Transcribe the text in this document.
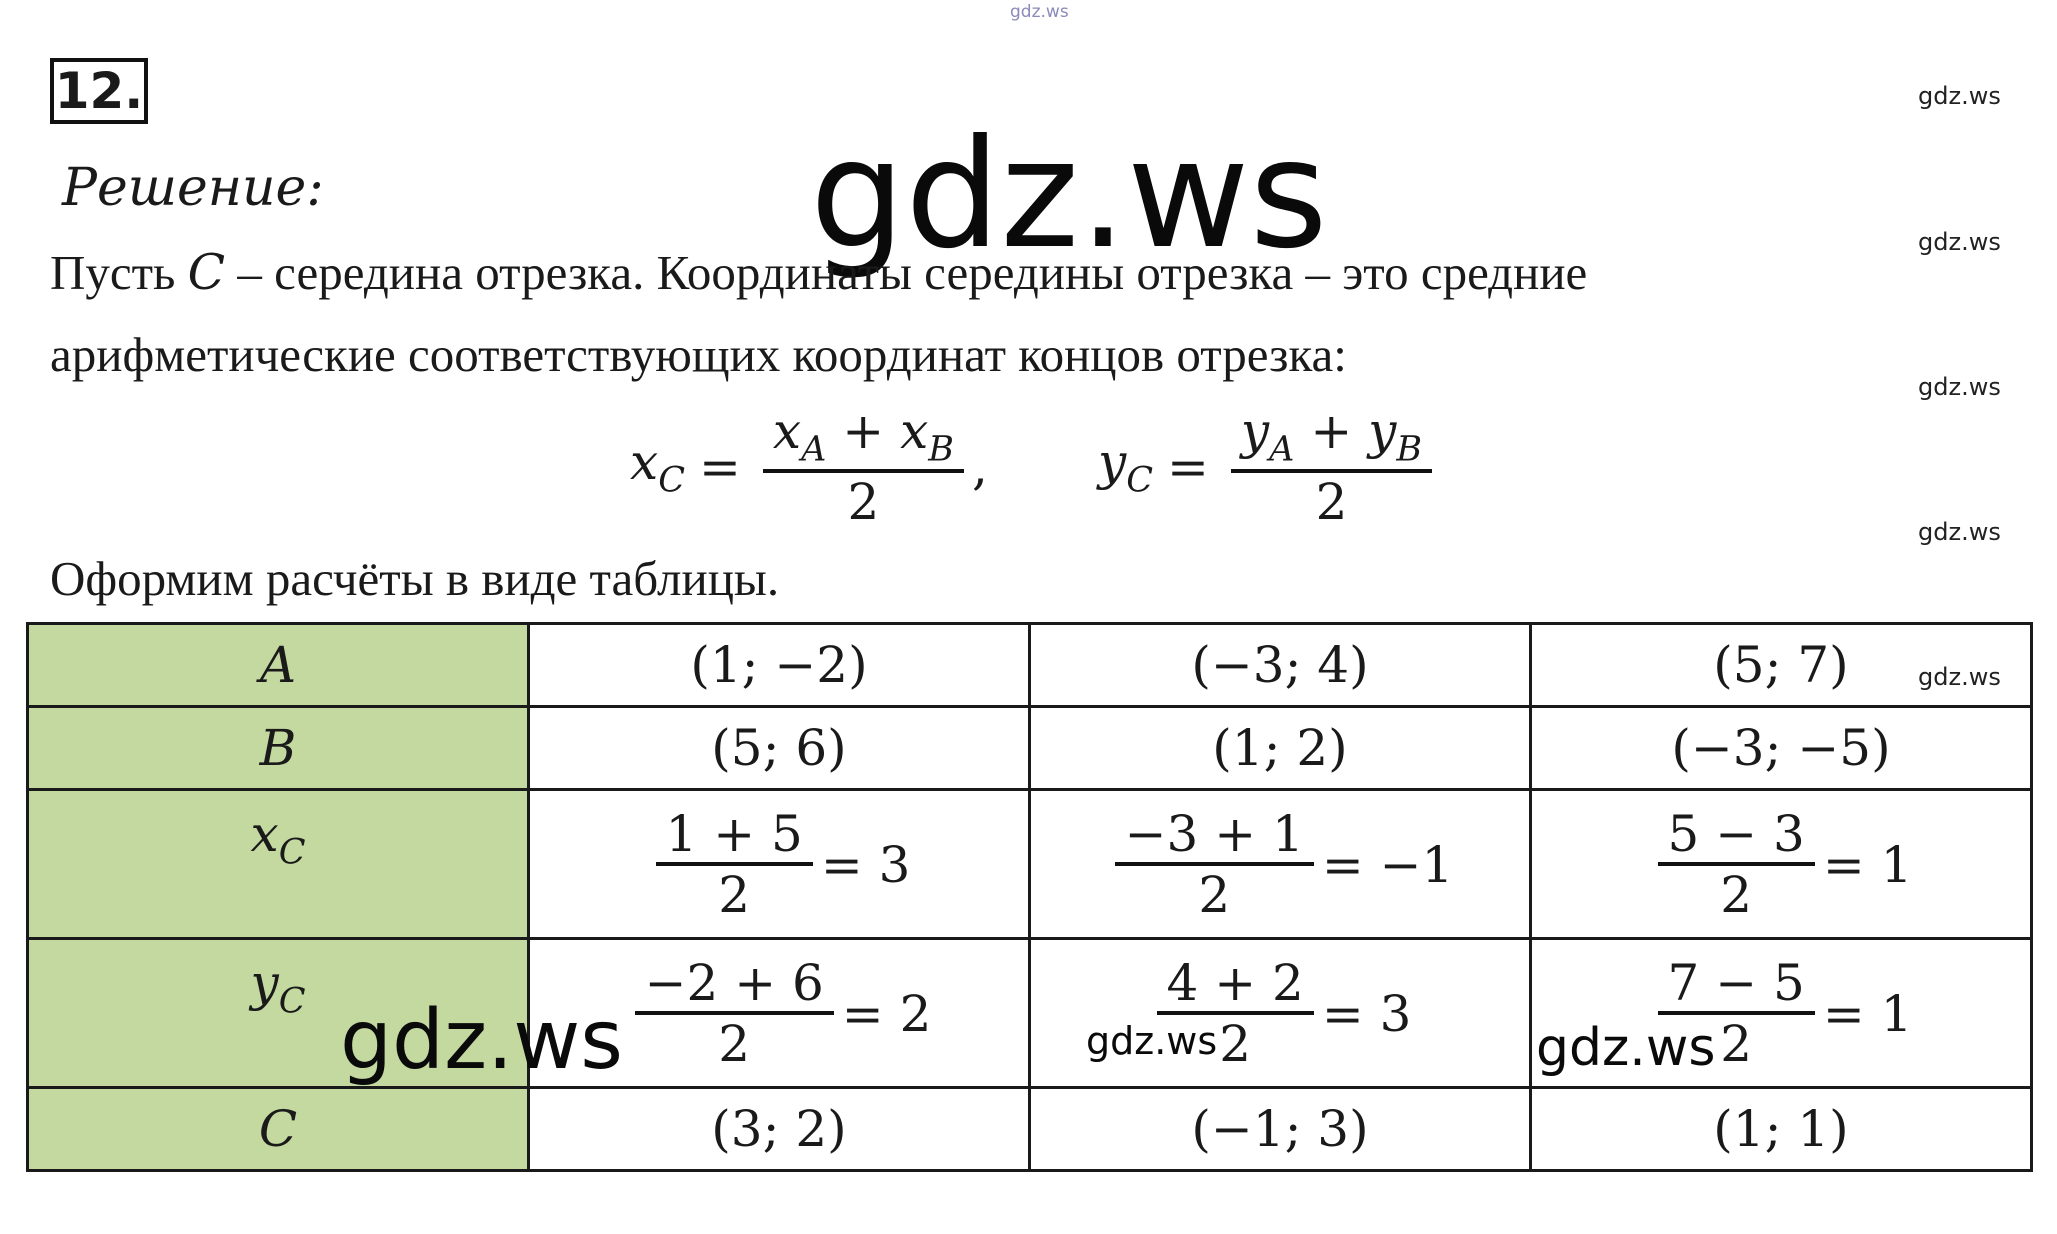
gdz.ws
gdz.ws
gdz.ws
gdz.ws
gdz.ws
gdz.ws
12.
Решение:	gdz.ws
Пусть C – середина отрезка. Координаты середины отрезка – это средние
арифметические соответствующих координат концов отрезка:
$x_C = \frac{x_A + x_B}{2}$ , $y_C = \frac{y_A + y_B}{2}$
Оформим расчёты в виде таблицы.
A	(1; −2)	(−3; 4)	(5; 7)
B	(5; 6)	(1; 2)	(−3; −5)

$x_C$	$\frac{1 + 5}{2} = 3$	$\frac{-3 + 1}{2} = -1$	$\frac{5 - 3}{2} = 1$

$y_C$	$\frac{-2 + 6}{2} = 2$	$\frac{4 + 2}{2} = 3$	$\frac{7 - 5}{2} = 1$

C	(3; 2)	(−1; 3)	(1; 1)
gdz.ws	gdz.ws	gdz.ws
